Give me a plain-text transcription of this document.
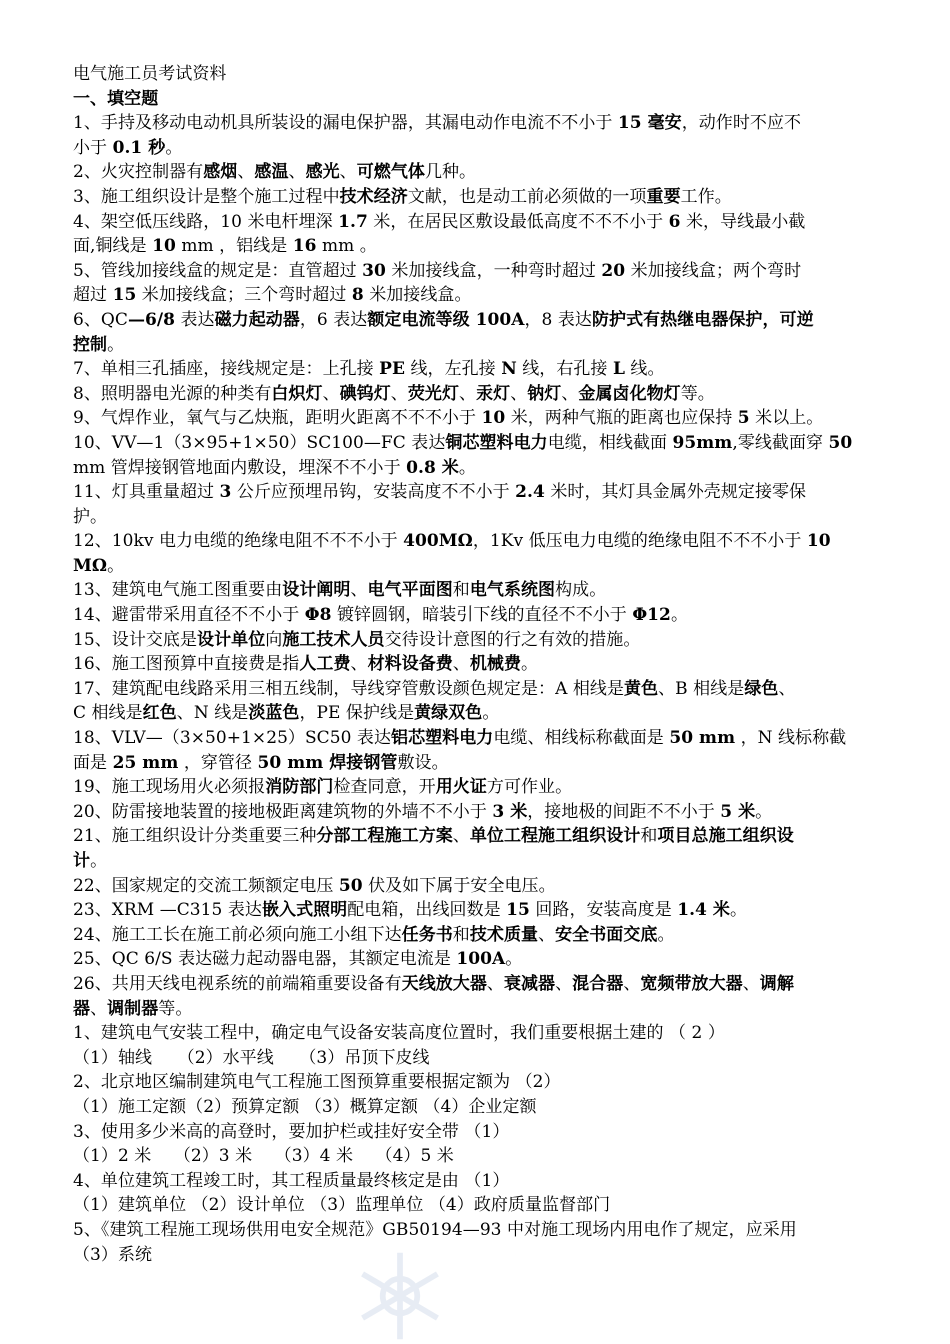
电气施工员考试资料
一、填空题
1、手持及移动电动机具所装设的漏电保护器，其漏电动作电流不不小于 15 毫安，动作时不应不
小于 0.1 秒。
2、火灾控制器有感烟、感温、感光、可燃气体几种。
3、施工组织设计是整个施工过程中技术经济文献，也是动工前必须做的一项重要工作。
4、架空低压线路，10 米电杆埋深 1.7 米，在居民区敷设最低高度不不不小于 6 米，导线最小截
面,铜线是 10 mm ，铝线是 16 mm 。
5、管线加接线盒的规定是：直管超过 30 米加接线盒，一种弯时超过 20 米加接线盒；两个弯时
超过 15 米加接线盒；三个弯时超过 8 米加接线盒。
6、QC—6/8 表达磁力起动器，6 表达额定电流等级 100A，8 表达防护式有热继电器保护，可逆
控制。
7、单相三孔插座，接线规定是：上孔接 PE 线，左孔接 N 线，右孔接 L 线。
8、照明器电光源的种类有白炽灯、碘钨灯、荧光灯、汞灯、钠灯、金属卤化物灯等。
9、气焊作业，氧气与乙炔瓶，距明火距离不不不小于 10 米，两种气瓶的距离也应保持 5 米以上。
10、VV—1（3×95+1×50）SC100—FC 表达铜芯塑料电力电缆，相线截面 95mm,零线截面穿 50
mm 管焊接钢管地面内敷设，埋深不不小于 0.8 米。
11、灯具重量超过 3 公斤应预埋吊钩，安装高度不不小于 2.4 米时，其灯具金属外壳规定接零保
护。
12、10kv 电力电缆的绝缘电阻不不不小于 400MΩ，1Kv 低压电力电缆的绝缘电阻不不不小于 10
MΩ。
13、建筑电气施工图重要由设计阐明、电气平面图和电气系统图构成。
14、避雷带采用直径不不小于 Φ8 镀锌圆钢，暗装引下线的直径不不小于 Φ12。
15、设计交底是设计单位向施工技术人员交待设计意图的行之有效的措施。
16、施工图预算中直接费是指人工费、材料设备费、机械费。
17、建筑配电线路采用三相五线制，导线穿管敷设颜色规定是：A 相线是黄色、B 相线是绿色、
C 相线是红色、N 线是淡蓝色，PE 保护线是黄绿双色。
18、VLV—（3×50+1×25）SC50 表达铝芯塑料电力电缆、相线标称截面是 50 mm ，N 线标称截
面是 25 mm ，穿管径 50 mm 焊接钢管敷设。
19、施工现场用火必须报消防部门检查同意，开用火证方可作业。
20、防雷接地装置的接地极距离建筑物的外墙不不小于 3 米，接地极的间距不不小于 5 米。
21、施工组织设计分类重要三种分部工程施工方案、单位工程施工组织设计和项目总施工组织设
计。
22、国家规定的交流工频额定电压 50 伏及如下属于安全电压。
23、XRM —C315 表达嵌入式照明配电箱，出线回数是 15 回路，安装高度是 1.4 米。
24、施工工长在施工前必须向施工小组下达任务书和技术质量、安全书面交底。
25、QC 6/S 表达磁力起动器电器，其额定电流是 100A。
26、共用天线电视系统的前端箱重要设备有天线放大器、衰减器、混合器、宽频带放大器、调解
器、调制器等。
1、建筑电气安装工程中，确定电气设备安装高度位置时，我们重要根据土建的 （ 2 ）
（1）轴线　　（2）水平线　　（3）吊顶下皮线
2、北京地区编制建筑电气工程施工图预算重要根据定额为 （2）
（1）施工定额（2）预算定额 （3）概算定额 （4）企业定额
3、使用多少米高的高登时，要加护栏或挂好安全带 （1）
（1）2 米　 （2）3 米　 （3）4 米　 （4）5 米
4、单位建筑工程竣工时，其工程质量最终核定是由 （1）
（1）建筑单位 （2）设计单位 （3）监理单位 （4）政府质量监督部门
5、《建筑工程施工现场供用电安全规范》GB50194—93 中对施工现场内用电作了规定，应采用
（3）系统
